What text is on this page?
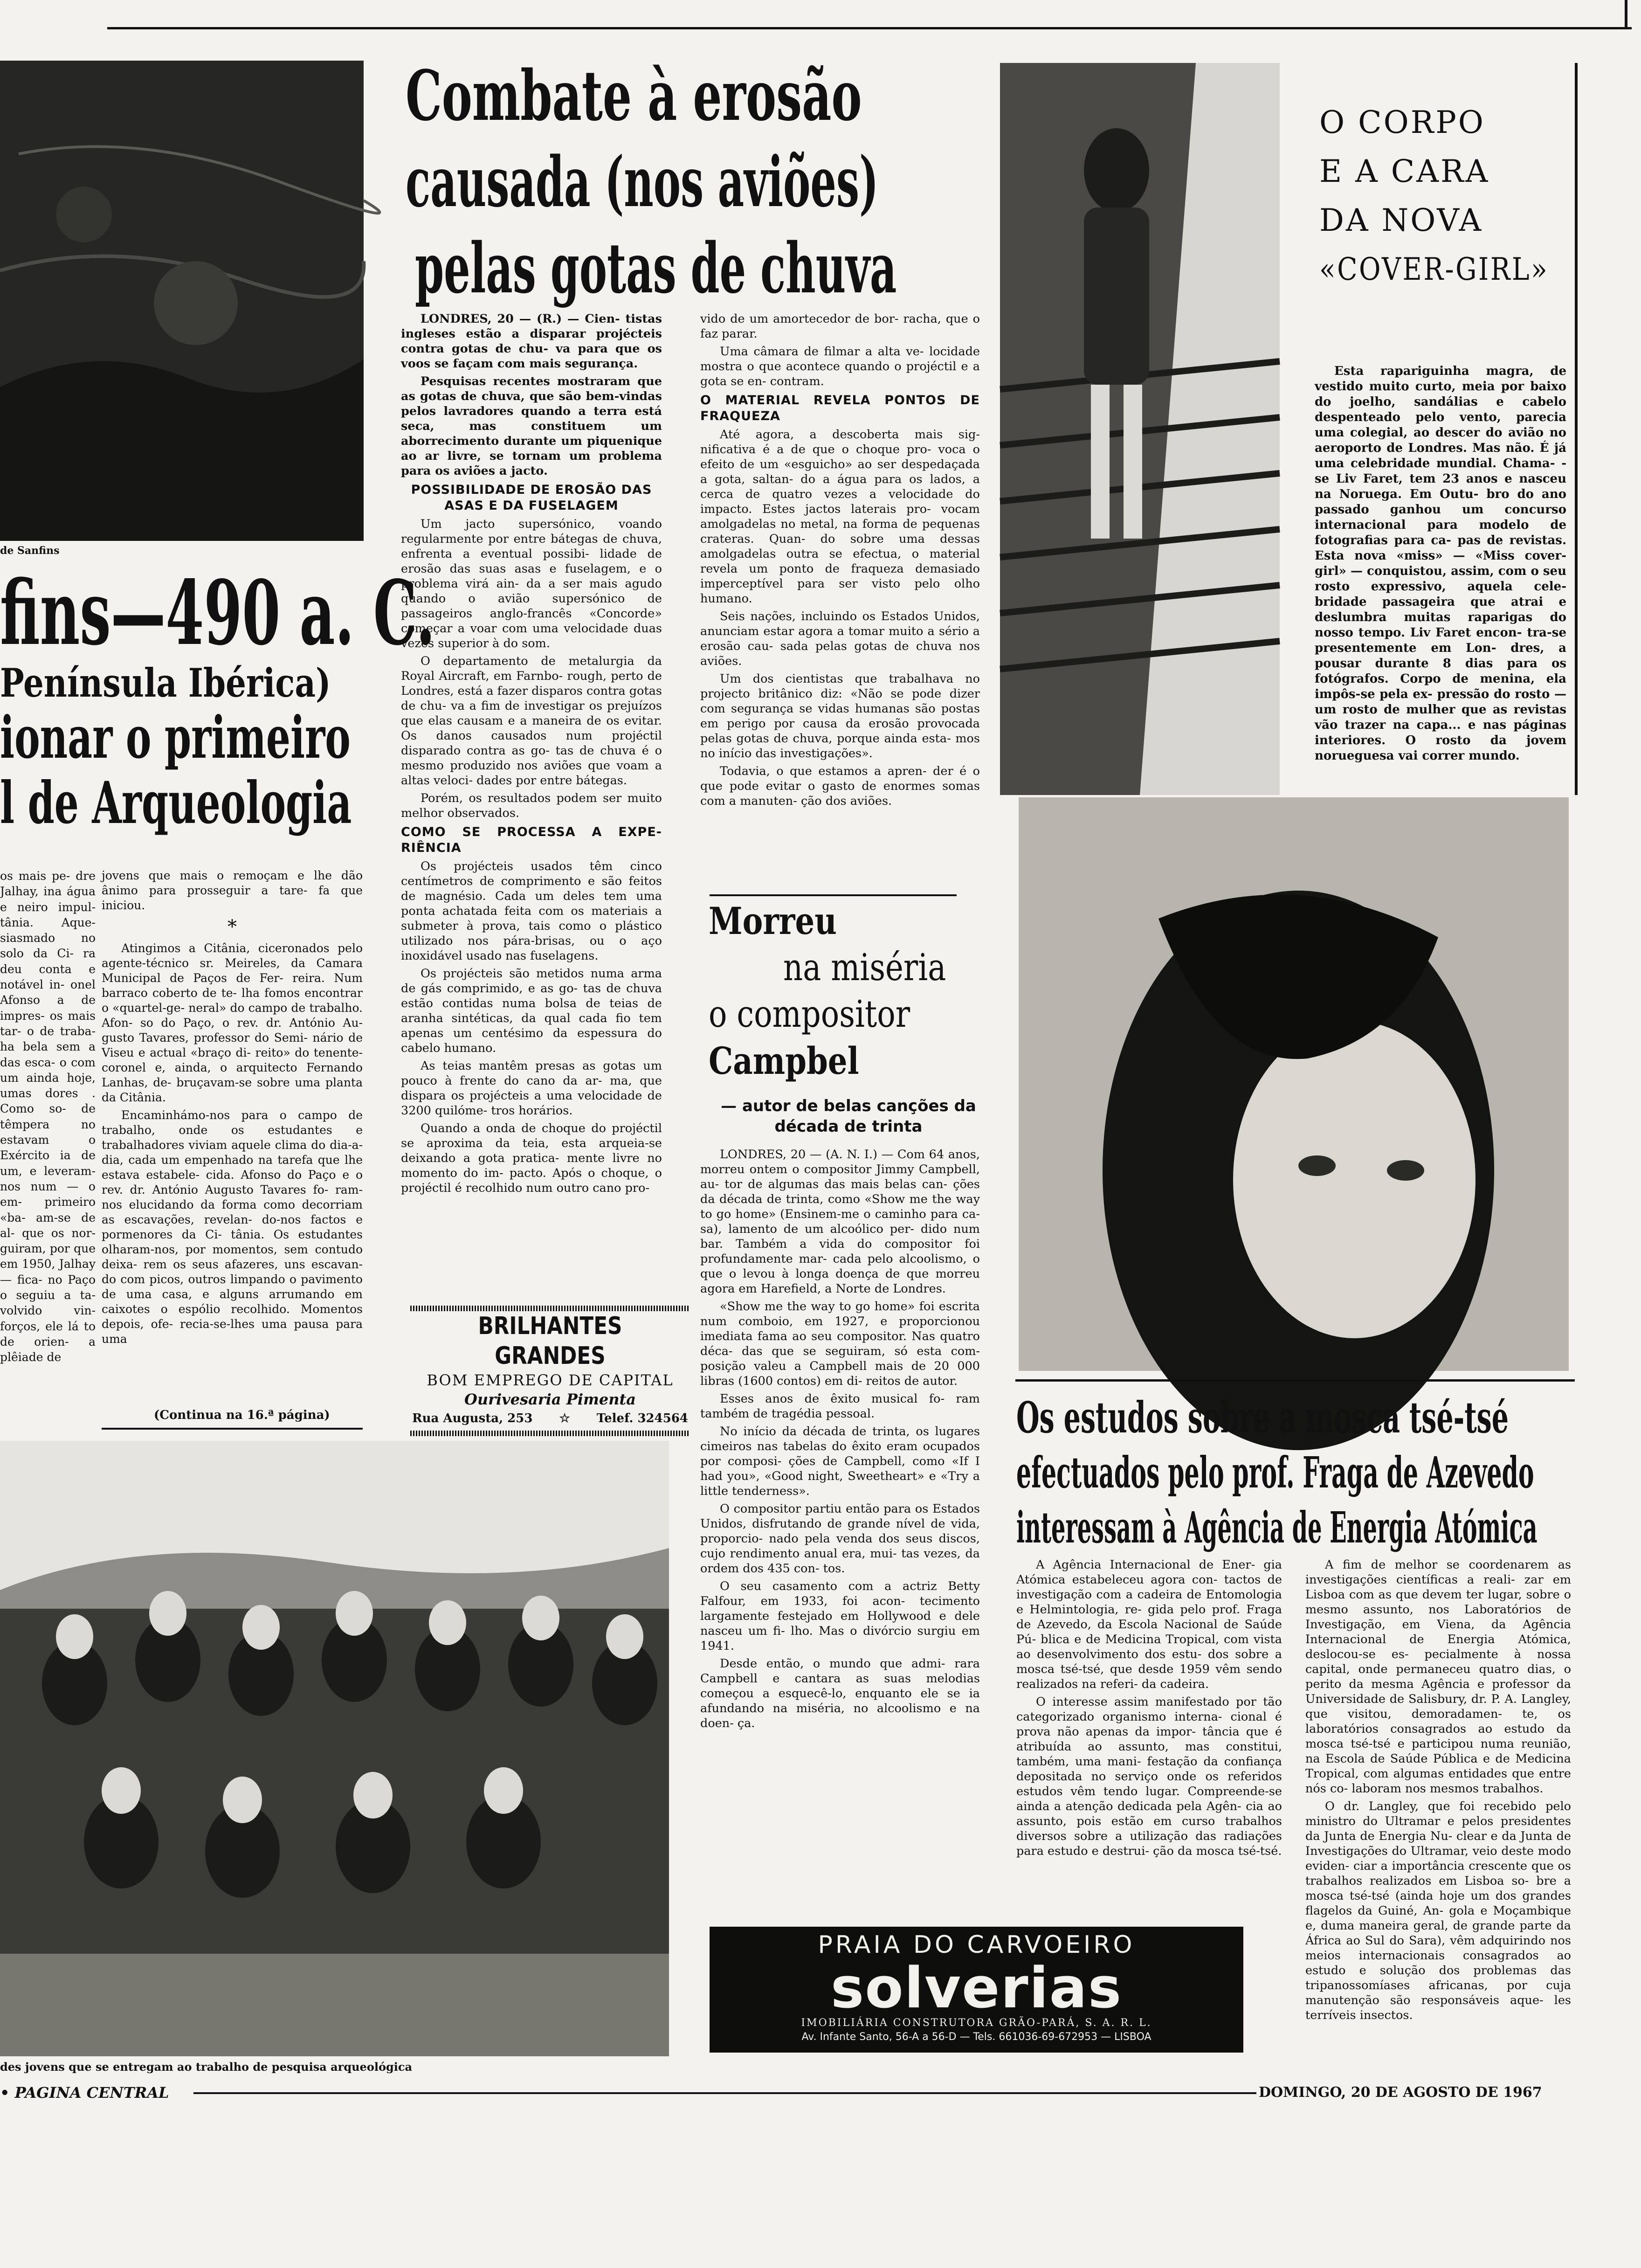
de Sanfins
fins—490 a. C.
Península Ibérica)
ionar o primeiro
l de Arqueologia
os mais pe- dre Jalhay, ina água e neiro impul- tânia. Aque- siasmado no solo da Ci- ra deu conta e notável in- onel Afonso a de impres- os mais tar- o de traba- ha bela sem a das esca- o com um ainda hoje, umas dores . Como so- de têmpera no estavam o Exército ia de um, e leveram-nos num — o em- primeiro «ba- am-se de al- que os nor- guiram, por que em 1950, Jalhay — fica- no Paço o seguiu a ta- volvido vin- forços, ele lá to de orien- a plêiade de

jovens que mais o remoçam e lhe dão ânimo para prosseguir a tare- fa que iniciou.

*

Atingimos a Citânia, ciceronados pelo agente-técnico sr. Meireles, da Camara Municipal de Paços de Fer- reira. Num barraco coberto de te- lha fomos encontrar o «quartel-ge- neral» do campo de trabalho. Afon- so do Paço, o rev. dr. António Au- gusto Tavares, professor do Semi- nário de Viseu e actual «braço di- reito» do tenente-coronel e, ainda, o arquitecto Fernando Lanhas, de- bruçavam-se sobre uma planta da Citânia.

Encaminhámo-nos para o campo de trabalho, onde os estudantes e trabalhadores viviam aquele clima do dia-a-dia, cada um empenhado na tarefa que lhe estava estabele- cida. Afonso do Paço e o rev. dr. António Augusto Tavares fo- ram-nos elucidando da forma como decorriam as escavações, revelan- do-nos factos e pormenores da Ci- tânia. Os estudantes olharam-nos, por momentos, sem contudo deixa- rem os seus afazeres, uns escavan- do com picos, outros limpando o pavimento de uma casa, e alguns arrumando em caixotes o espólio recolhido. Momentos depois, ofe- recia-se-lhes uma pausa para uma

(Continua na 16.ª página)
des jovens que se entregam ao trabalho de pesquisa arqueológica
Combate à erosão
causada (nos aviões)
pelas gotas de chuva

LONDRES, 20 — (R.) — Cien- tistas ingleses estão a disparar projécteis contra gotas de chu- va para que os voos se façam com mais segurança.

Pesquisas recentes mostraram que as gotas de chuva, que são bem-vindas pelos lavradores quando a terra está seca, mas constituem um aborrecimento durante um piquenique ao ar livre, se tornam um problema para os aviões a jacto.

POSSIBILIDADE DE EROSÃO DAS ASAS E DA FUSELAGEM

Um jacto supersónico, voando regularmente por entre bátegas de chuva, enfrenta a eventual possibi- lidade de erosão das suas asas e fuselagem, e o problema virá ain- da a ser mais agudo quando o avião supersónico de passageiros anglo-francês «Concorde» começar a voar com uma velocidade duas vezes superior à do som.

O departamento de metalurgia da Royal Aircraft, em Farnbo- rough, perto de Londres, está a fazer disparos contra gotas de chu- va a fim de investigar os prejuízos que elas causam e a maneira de os evitar. Os danos causados num projéctil disparado contra as go- tas de chuva é o mesmo produzido nos aviões que voam a altas veloci- dades por entre bátegas.

Porém, os resultados podem ser muito melhor observados.

COMO SE PROCESSA A EXPE- RIÊNCIA

Os projécteis usados têm cinco centímetros de comprimento e são feitos de magnésio. Cada um deles tem uma ponta achatada feita com os materiais a submeter à prova, tais como o plástico utilizado nos pára-brisas, ou o aço inoxidável usado nas fuselagens.

Os projécteis são metidos numa arma de gás comprimido, e as go- tas de chuva estão contidas numa bolsa de teias de aranha sintéticas, da qual cada fio tem apenas um centésimo da espessura do cabelo humano.

As teias mantêm presas as gotas um pouco à frente do cano da ar- ma, que dispara os projécteis a uma velocidade de 3200 quilóme- tros horários.

Quando a onda de choque do projéctil se aproxima da teia, esta arqueia-se deixando a gota pratica- mente livre no momento do im- pacto. Após o choque, o projéctil é recolhido num outro cano pro-

vido de um amortecedor de bor- racha, que o faz parar.

Uma câmara de filmar a alta ve- locidade mostra o que acontece quando o projéctil e a gota se en- contram.

O MATERIAL REVELA PONTOS DE FRAQUEZA

Até agora, a descoberta mais sig- nificativa é a de que o choque pro- voca o efeito de um «esguicho» ao ser despedaçada a gota, saltan- do a água para os lados, a cerca de quatro vezes a velocidade do impacto. Estes jactos laterais pro- vocam amolgadelas no metal, na forma de pequenas crateras. Quan- do sobre uma dessas amolgadelas outra se efectua, o material revela um ponto de fraqueza demasiado imperceptível para ser visto pelo olho humano.

Seis nações, incluindo os Estados Unidos, anunciam estar agora a tomar muito a sério a erosão cau- sada pelas gotas de chuva nos aviões.

Um dos cientistas que trabalhava no projecto britânico diz: «Não se pode dizer com segurança se vidas humanas são postas em perigo por causa da erosão provocada pelas gotas de chuva, porque ainda esta- mos no início das investigações».

Todavia, o que estamos a apren- der é o que pode evitar o gasto de enormes somas com a manuten- ção dos aviões.

BRILHANTES GRANDES
BOM EMPREGO DE CAPITAL
Ourivesaria Pimenta
Rua Augusta, 253 ☆ Telef. 324564
Morreu
na miséria
o compositor
Campbel
— autor de belas canções da década de trinta

LONDRES, 20 — (A. N. I.) — Com 64 anos, morreu ontem o compositor Jimmy Campbell, au- tor de algumas das mais belas can- ções da década de trinta, como «Show me the way to go home» (Ensinem-me o caminho para ca- sa), lamento de um alcoólico per- dido num bar. Também a vida do compositor foi profundamente mar- cada pelo alcoolismo, o que o levou à longa doença de que morreu agora em Harefield, a Norte de Londres.

«Show me the way to go home» foi escrita num comboio, em 1927, e proporcionou imediata fama ao seu compositor. Nas quatro déca- das que se seguiram, só esta com- posição valeu a Campbell mais de 20 000 libras (1600 contos) em di- reitos de autor.

Esses anos de êxito musical fo- ram também de tragédia pessoal.

No início da década de trinta, os lugares cimeiros nas tabelas do êxito eram ocupados por composi- ções de Campbell, como «If I had you», «Good night, Sweetheart» e «Try a little tenderness».

O compositor partiu então para os Estados Unidos, disfrutando de grande nível de vida, proporcio- nado pela venda dos seus discos, cujo rendimento anual era, mui- tas vezes, da ordem dos 435 con- tos.

O seu casamento com a actriz Betty Falfour, em 1933, foi acon- tecimento largamente festejado em Hollywood e dele nasceu um fi- lho. Mas o divórcio surgiu em 1941.

Desde então, o mundo que admi- rara Campbell e cantara as suas melodias começou a esquecê-lo, enquanto ele se ia afundando na miséria, no alcoolismo e na doen- ça.

O CORPO
E A CARA
DA NOVA
«COVER-GIRL»

Esta rapariguinha magra, de vestido muito curto, meia por baixo do joelho, sandálias e cabelo despenteado pelo vento, parecia uma colegial, ao descer do avião no aeroporto de Londres. Mas não. É já uma celebridade mundial. Chama- -se Liv Faret, tem 23 anos e nasceu na Noruega. Em Outu- bro do ano passado ganhou um concurso internacional para modelo de fotografias para ca- pas de revistas. Esta nova «miss» — «Miss cover-girl» — conquistou, assim, com o seu rosto expressivo, aquela cele- bridade passageira que atrai e deslumbra muitas raparigas do nosso tempo. Liv Faret encon- tra-se presentemente em Lon- dres, a pousar durante 8 dias para os fotógrafos. Corpo de menina, ela impôs-se pela ex- pressão do rosto — um rosto de mulher que as revistas vão trazer na capa... e nas páginas interiores. O rosto da jovem norueguesa vai correr mundo.

Os estudos sobre a mosca tsé-tsé
efectuados pelo prof. Fraga de Azevedo
interessam à Agência de Energia Atómica

A Agência Internacional de Ener- gia Atómica estabeleceu agora con- tactos de investigação com a cadeira de Entomologia e Helmintologia, re- gida pelo prof. Fraga de Azevedo, da Escola Nacional de Saúde Pú- blica e de Medicina Tropical, com vista ao desenvolvimento dos estu- dos sobre a mosca tsé-tsé, que desde 1959 vêm sendo realizados na referi- da cadeira.

O interesse assim manifestado por tão categorizado organismo interna- cional é prova não apenas da impor- tância que é atribuída ao assunto, mas constitui, também, uma mani- festação da confiança depositada no serviço onde os referidos estudos vêm tendo lugar. Compreende-se ainda a atenção dedicada pela Agên- cia ao assunto, pois estão em curso trabalhos diversos sobre a utilização das radiações para estudo e destrui- ção da mosca tsé-tsé.

A fim de melhor se coordenarem as investigações científicas a reali- zar em Lisboa com as que devem ter lugar, sobre o mesmo assunto, nos Laboratórios de Investigação, em Viena, da Agência Internacional de Energia Atómica, deslocou-se es- pecialmente à nossa capital, onde permaneceu quatro dias, o perito da mesma Agência e professor da Universidade de Salisbury, dr. P. A. Langley, que visitou, demoradamen- te, os laboratórios consagrados ao estudo da mosca tsé-tsé e participou numa reunião, na Escola de Saúde Pública e de Medicina Tropical, com algumas entidades que entre nós co- laboram nos mesmos trabalhos.

O dr. Langley, que foi recebido pelo ministro do Ultramar e pelos presidentes da Junta de Energia Nu- clear e da Junta de Investigações do Ultramar, veio deste modo eviden- ciar a importância crescente que os trabalhos realizados em Lisboa so- bre a mosca tsé-tsé (ainda hoje um dos grandes flagelos da Guiné, An- gola e Moçambique e, duma maneira geral, de grande parte da África ao Sul do Sara), vêm adquirindo nos meios internacionais consagrados ao estudo e solução dos problemas das tripanossomíases africanas, por cuja manutenção são responsáveis aque- les terríveis insectos.

PRAIA DO CARVOEIRO
solverias
IMOBILIÁRIA CONSTRUTORA GRÃO-PARÁ, S. A. R. L.
Av. Infante Santo, 56-A a 56-D — Tels. 661036-69-672953 — LISBOA
• PAGINA CENTRAL	DOMINGO, 20 DE AGOSTO DE 1967
